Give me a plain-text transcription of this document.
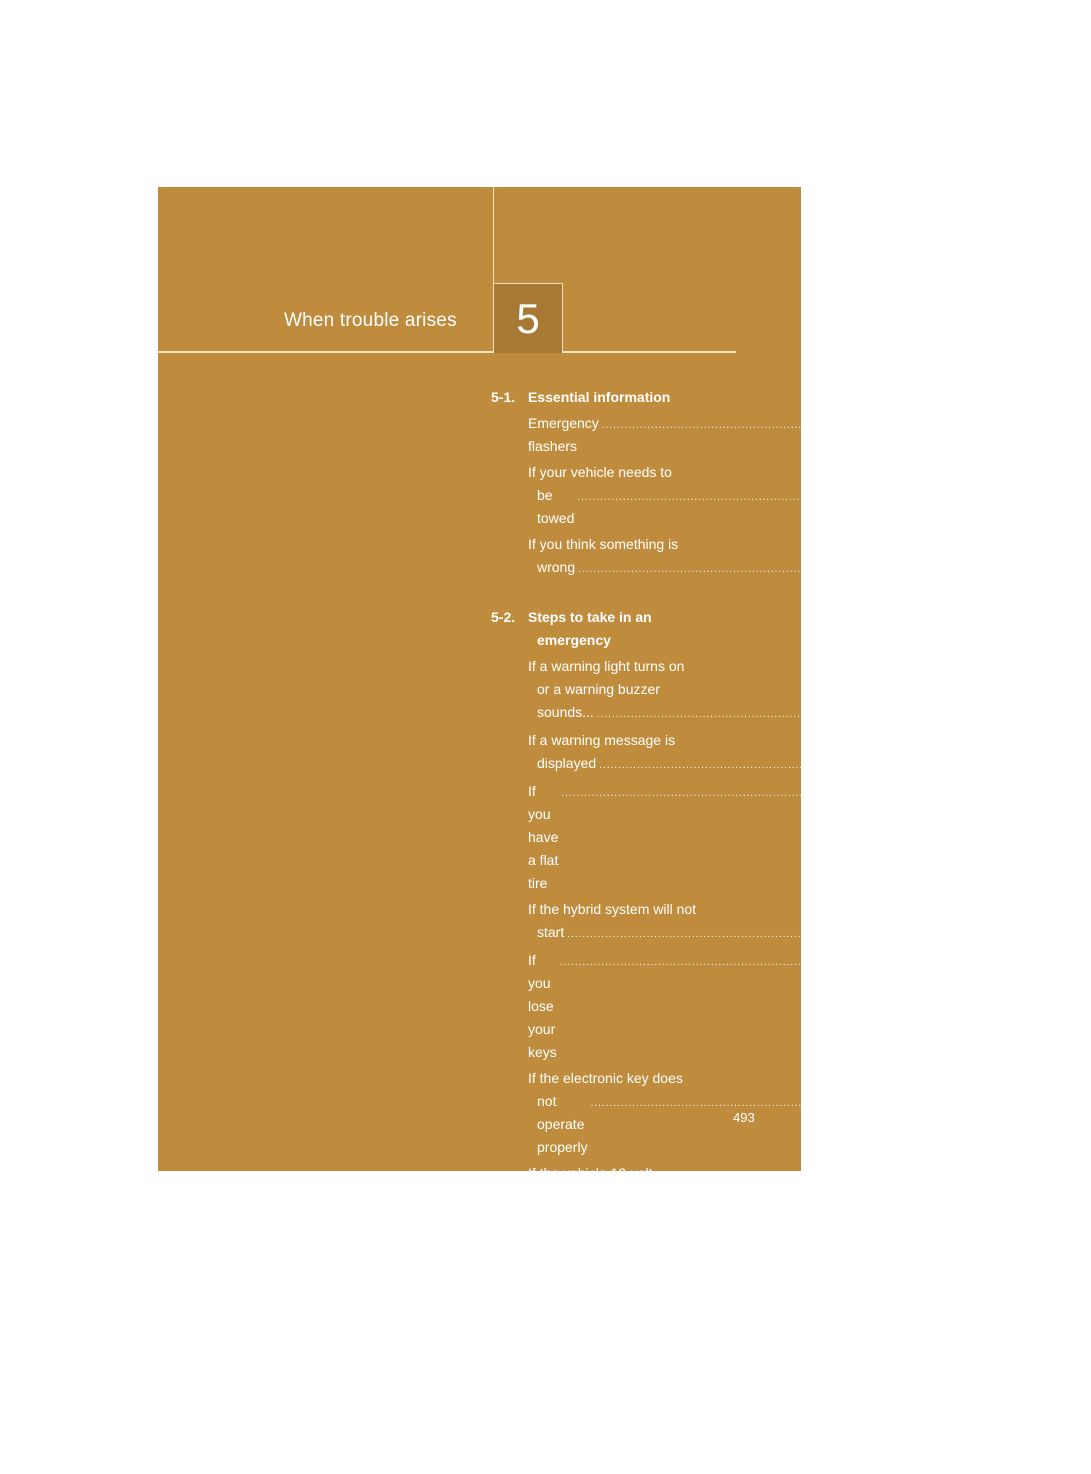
When trouble arises	5
5-1. Essential information
Emergency flashers
........................................................................................................................ 494
If your vehicle needs to
be towed
........................................................................................................................ 495
If you think something is
wrong ........................................................................................................................ 501
5-2. Steps to take in an
emergency
If a warning light turns on
or a warning buzzer
sounds... ........................................................................................................................ 502
If a warning message is
displayed ........................................................................................................................ 512
If you have a flat tire
........................................................................................................................ 532
If the hybrid system will not
start ........................................................................................................................ 541
If you lose your keys
........................................................................................................................ 543
If the electronic key does
not operate properly
........................................................................................................................ 544
If the vehicle 12-volt
battery is discharged
........................................................................................................................ 547
If your vehicle overheats
........................................................................................................................ 552
If the vehicle becomes
stuck ........................................................................................................................ 556
If your vehicle has to
be stopped in
an emergency
........................................................................................................................ 558
493
